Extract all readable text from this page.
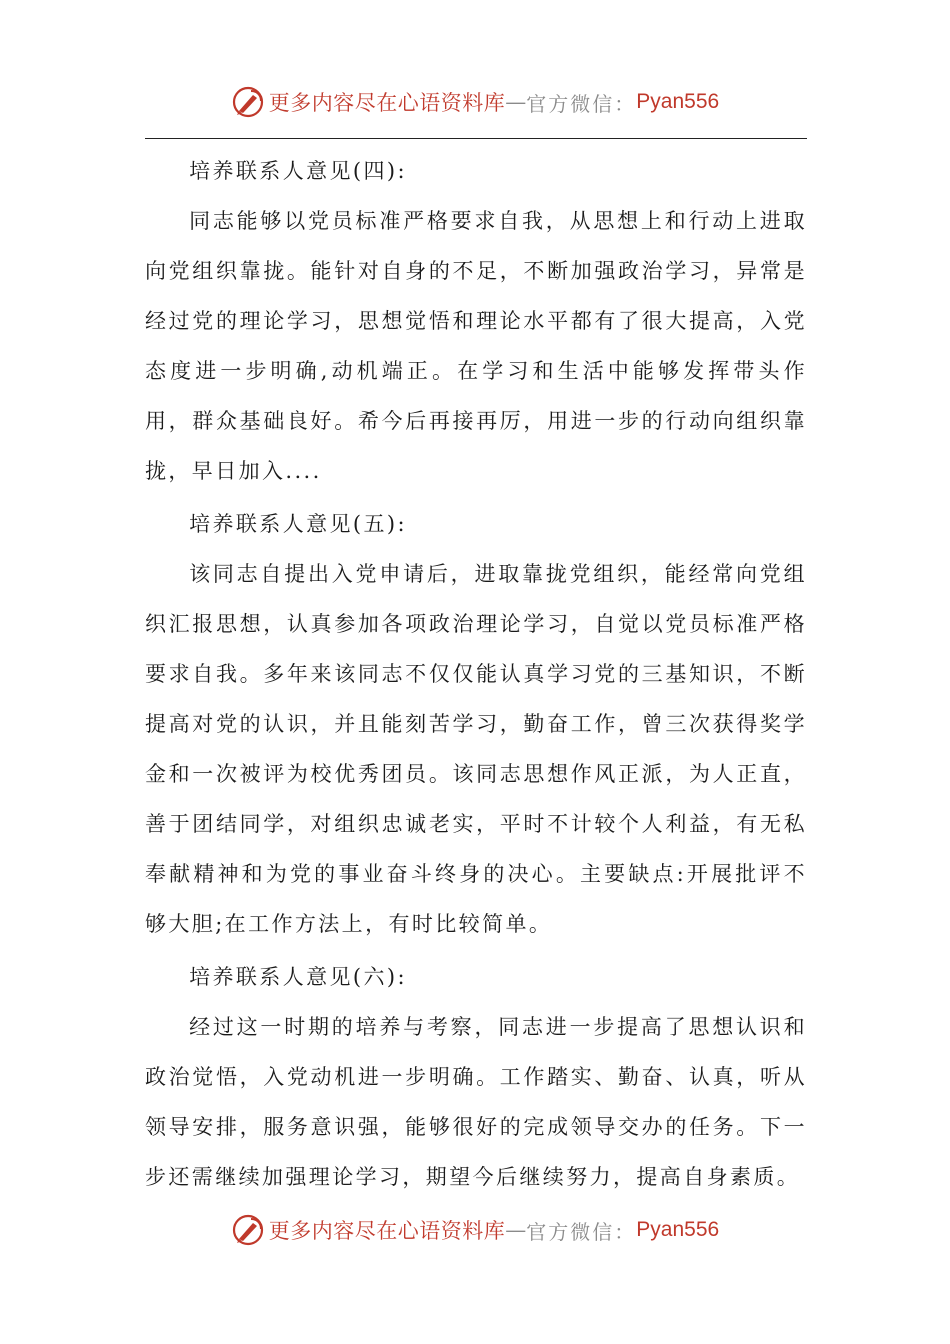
更多内容尽在心语资料库 — 官方微信： Pyan556

培养联系人意见(四):

同志能够以党员标准严格要求自我，从思想上和行动上进取向党组织靠拢。能针对自身的不足，不断加强政治学习，异常是经过党的理论学习，思想觉悟和理论水平都有了很大提高，入党态度进一步明确,动机端正。在学习和生活中能够发挥带头作用，群众基础良好。希今后再接再厉，用进一步的行动向组织靠拢，早日加入....

培养联系人意见(五):

该同志自提出入党申请后，进取靠拢党组织，能经常向党组织汇报思想，认真参加各项政治理论学习，自觉以党员标准严格要求自我。多年来该同志不仅仅能认真学习党的三基知识，不断提高对党的认识，并且能刻苦学习，勤奋工作，曾三次获得奖学金和一次被评为校优秀团员。该同志思想作风正派，为人正直，善于团结同学，对组织忠诚老实，平时不计较个人利益，有无私奉献精神和为党的事业奋斗终身的决心。主要缺点:开展批评不够大胆;在工作方法上，有时比较简单。

培养联系人意见(六):

经过这一时期的培养与考察，同志进一步提高了思想认识和政治觉悟，入党动机进一步明确。工作踏实、勤奋、认真，听从领导安排，服务意识强，能够很好的完成领导交办的任务。下一步还需继续加强理论学习，期望今后继续努力，提高自身素质。

更多内容尽在心语资料库 — 官方微信： Pyan556
